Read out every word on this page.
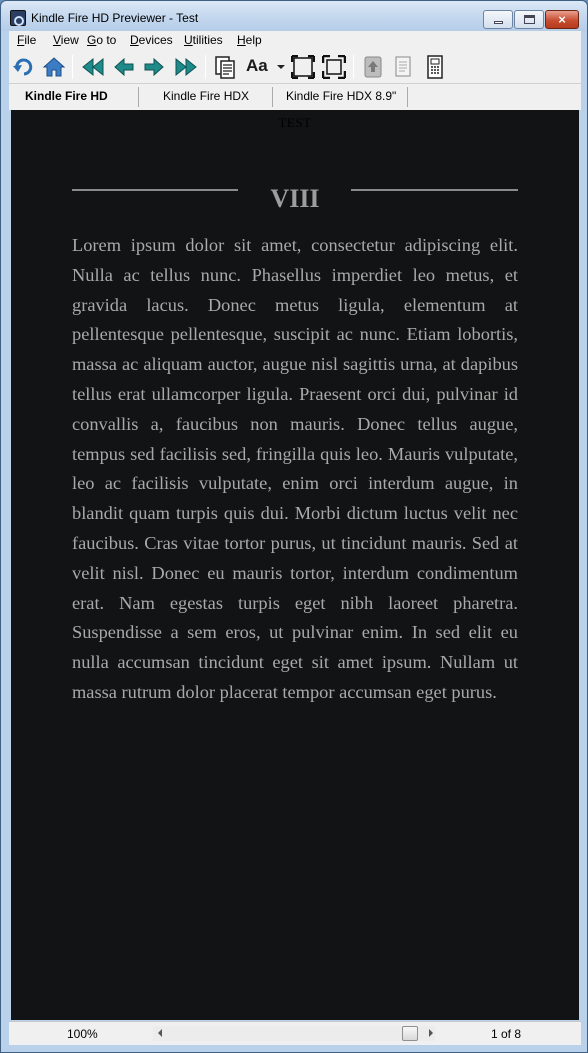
Kindle Fire HD Previewer - Test	×
File View Go to Devices Utilities Help
Aa
Kindle Fire HD	Kindle Fire HDX	Kindle Fire HDX 8.9"
TEST
VIII

Lorem ipsum dolor sit amet, consectetur adipiscing elit. Nulla ac tellus nunc. Phasellus imperdiet leo metus, et gravida lacus. Donec metus ligula, elementum at pellentesque pellentesque, suscipit ac nunc. Etiam lobortis, massa ac aliquam auctor, augue nisl sagittis urna, at dapibus tellus erat ullamcorper ligula. Praesent orci dui, pulvinar id convallis a, faucibus non mauris. Donec tellus augue, tempus sed facilisis sed, fringilla quis leo. Mauris vulputate, leo ac facilisis vulputate, enim orci interdum augue, in blandit quam turpis quis dui. Morbi dictum luctus velit nec faucibus. Cras vitae tortor purus, ut tincidunt mauris. Sed at velit nisl. Donec eu mauris tortor, interdum condimentum erat. Nam egestas turpis eget nibh laoreet pharetra. Suspendisse a sem eros, ut pulvinar enim. In sed elit eu nulla accumsan tincidunt eget sit amet ipsum. Nullam ut massa rutrum dolor placerat tempor accumsan eget purus.

100%	1 of 8
